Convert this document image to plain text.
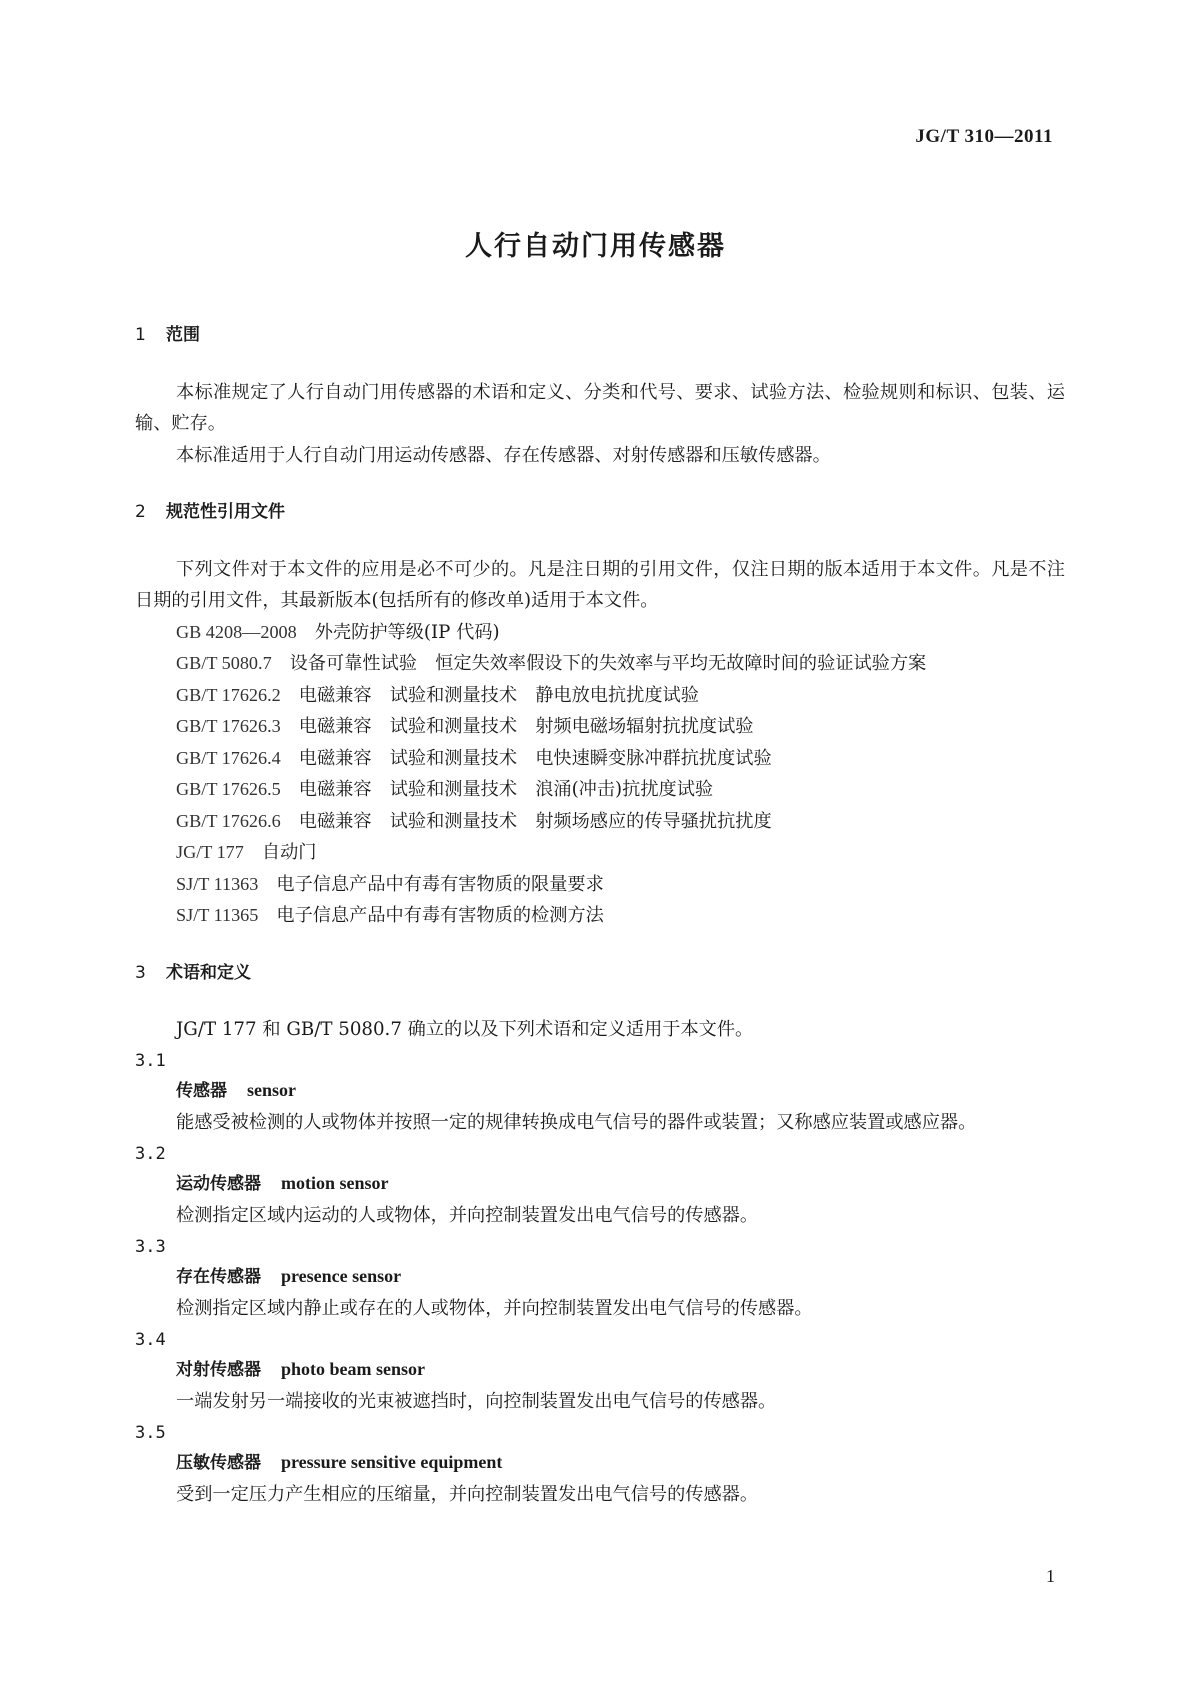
JG/T 310—2011
人行自动门用传感器

1 范围

本标准规定了人行自动门用传感器的术语和定义、分类和代号、要求、试验方法、检验规则和标识、包装、运输、贮存。

本标准适用于人行自动门用运动传感器、存在传感器、对射传感器和压敏传感器。

2 规范性引用文件

下列文件对于本文件的应用是必不可少的。凡是注日期的引用文件，仅注日期的版本适用于本文件。凡是不注日期的引用文件，其最新版本(包括所有的修改单)适用于本文件。

GB 4208—2008 外壳防护等级(IP 代码)

GB/T 5080.7 设备可靠性试验　恒定失效率假设下的失效率与平均无故障时间的验证试验方案

GB/T 17626.2 电磁兼容　试验和测量技术　静电放电抗扰度试验

GB/T 17626.3 电磁兼容　试验和测量技术　射频电磁场辐射抗扰度试验

GB/T 17626.4 电磁兼容　试验和测量技术　电快速瞬变脉冲群抗扰度试验

GB/T 17626.5 电磁兼容　试验和测量技术　浪涌(冲击)抗扰度试验

GB/T 17626.6 电磁兼容　试验和测量技术　射频场感应的传导骚扰抗扰度

JG/T 177 自动门

SJ/T 11363 电子信息产品中有毒有害物质的限量要求

SJ/T 11365 电子信息产品中有毒有害物质的检测方法

3 术语和定义

JG/T 177 和 GB/T 5080.7 确立的以及下列术语和定义适用于本文件。

3.1

传感器 sensor

能感受被检测的人或物体并按照一定的规律转换成电气信号的器件或装置；又称感应装置或感应器。

3.2

运动传感器 motion sensor

检测指定区域内运动的人或物体，并向控制装置发出电气信号的传感器。

3.3

存在传感器 presence sensor

检测指定区域内静止或存在的人或物体，并向控制装置发出电气信号的传感器。

3.4

对射传感器 photo beam sensor

一端发射另一端接收的光束被遮挡时，向控制装置发出电气信号的传感器。

3.5

压敏传感器 pressure sensitive equipment

受到一定压力产生相应的压缩量，并向控制装置发出电气信号的传感器。

1
